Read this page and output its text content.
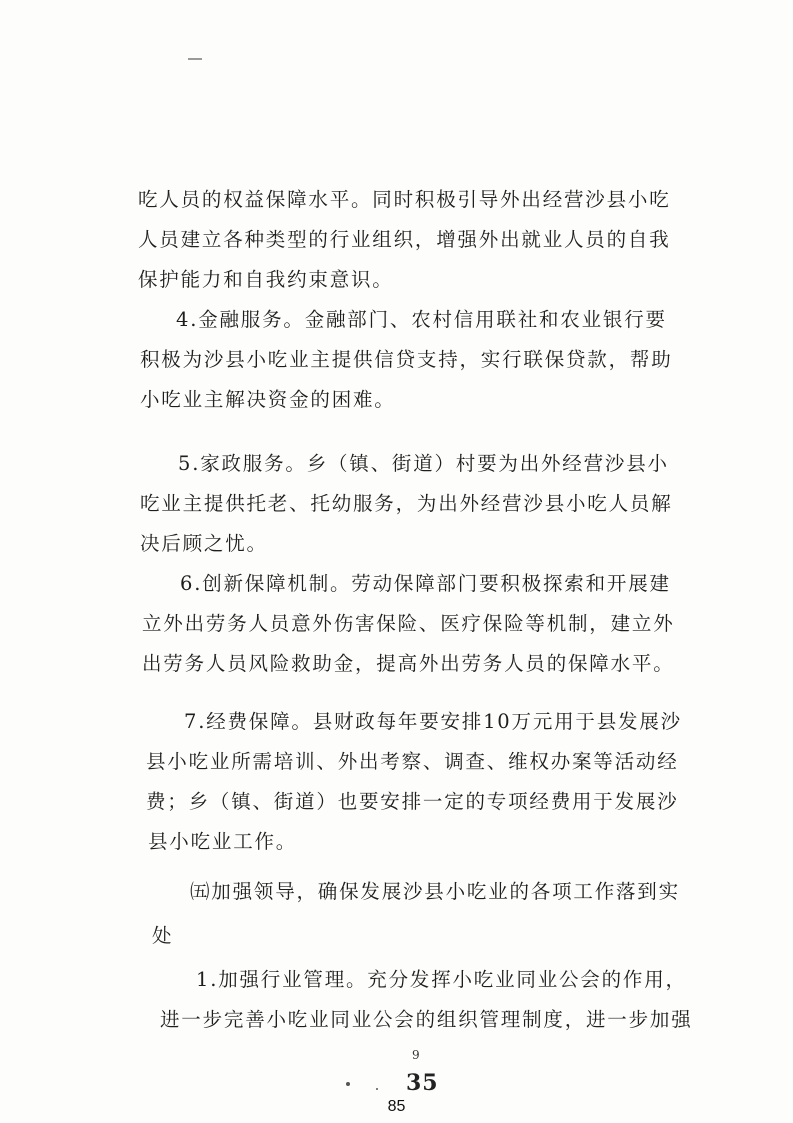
吃人员的权益保障水平。同时积极引导外出经营沙县小吃

人员建立各种类型的行业组织，增强外出就业人员的自我

保护能力和自我约束意识。

4.金融服务。金融部门、农村信用联社和农业银行要

积极为沙县小吃业主提供信贷支持，实行联保贷款，帮助

小吃业主解决资金的困难。

5.家政服务。乡（镇、街道）村要为出外经营沙县小

吃业主提供托老、托幼服务，为出外经营沙县小吃人员解

决后顾之忧。

6.创新保障机制。劳动保障部门要积极探索和开展建

立外出劳务人员意外伤害保险、医疗保险等机制，建立外

出劳务人员风险救助金，提高外出劳务人员的保障水平。

7.经费保障。县财政每年要安排10万元用于县发展沙

县小吃业所需培训、外出考察、调查、维权办案等活动经

费；乡（镇、街道）也要安排一定的专项经费用于发展沙

县小吃业工作。

㈤加强领导，确保发展沙县小吃业的各项工作落到实

处

1.加强行业管理。充分发挥小吃业同业公会的作用，

进一步完善小吃业同业公会的组织管理制度，进一步加强

9
35
85
